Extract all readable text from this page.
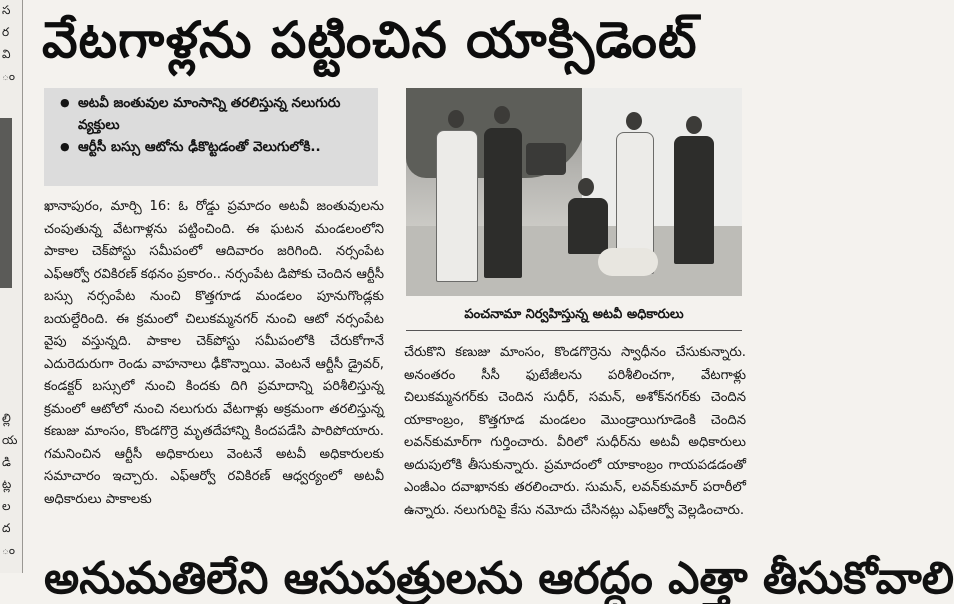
స
ర
వి
ం
ల్లి
య
డి
ట్ల
ల
ద
ం
వేటగాళ్లను పట్టించిన యాక్సిడెంట్
● అటవీ జంతువుల మాంసాన్ని తరలిస్తున్న నలుగురు వ్యక్తులు
● ఆర్టీసీ బస్సు ఆటోను ఢీకొట్టడంతో వెలుగులోకి..

ఖానాపురం, మార్చి 16: ఓ రోడ్డు ప్రమాదం అటవీ జంతువులను చంపుతున్న వేటగాళ్లను పట్టించింది. ఈ ఘటన మండలంలోని పాకాల చెక్‌పోస్టు సమీపంలో ఆదివారం జరిగింది. నర్సంపేట ఎఫ్‌ఆర్వో రవికిరణ్ కథనం ప్రకారం.. నర్సంపేట డిపోకు చెందిన ఆర్టీసీ బస్సు నర్సంపేట నుంచి కొత్తగూడ మండలం పూనుగొండ్లకు బయల్దేరింది. ఈ క్రమంలో చిలుకమ్మనగర్ నుంచి ఆటో నర్సంపేట వైపు వస్తున్నది. పాకాల చెక్‌పోస్టు సమీపంలోకి చేరుకోగానే ఎదురెదురుగా రెండు వాహనాలు ఢీకొన్నాయి. వెంటనే ఆర్టీసీ డ్రైవర్, కండక్టర్ బస్సులో నుంచి కిందకు దిగి ప్రమాదాన్ని పరిశీలిస్తున్న క్రమంలో ఆటోలో నుంచి నలుగురు వేటగాళ్లు అక్రమంగా తరలిస్తున్న కణుజు మాంసం, కొండగొర్రె మృతదేహాన్ని కిందపడేసి పారిపోయారు. గమనించిన ఆర్టీసీ అధికారులు వెంటనే అటవీ అధికారులకు సమాచారం ఇచ్చారు. ఎఫ్ఆర్వో రవికిరణ్ ఆధ్వర్యంలో అటవీ అధికారులు పాకాలకు

పంచనామా నిర్వహిస్తున్న అటవీ అధికారులు

చేరుకొని కణుజు మాంసం, కొండగొర్రెను స్వాధీనం చేసుకున్నారు. అనంతరం సీసీ ఫుటేజీలను పరిశీలించగా, వేటగాళ్లు చిలుకమ్మనగర్‌కు చెందిన సుధీర్, సమన్, అశోక్‌నగర్‌కు చెందిన యాకాంబ్రం, కొత్తగూడ మండలం మొండ్రాయిగూడెంకి చెందిన లవన్‌కుమార్‌గా గుర్తించారు. వీరిలో సుధీర్‌ను అటవీ అధికారులు అదుపులోకి తీసుకున్నారు. ప్రమాదంలో యాకాంబ్రం గాయపడడంతో ఎంజీఎం దవాఖానకు తరలించారు. సుమన్, లవన్‌కుమార్ పరారీలో ఉన్నారు. నలుగురిపై కేసు నమోదు చేసినట్లు ఎఫ్‌ఆర్వో వెల్లడించారు.

అనుమతిలేని ఆసుపత్రులను ఆరద్దం ఎత్తా తీసుకోవాలి
